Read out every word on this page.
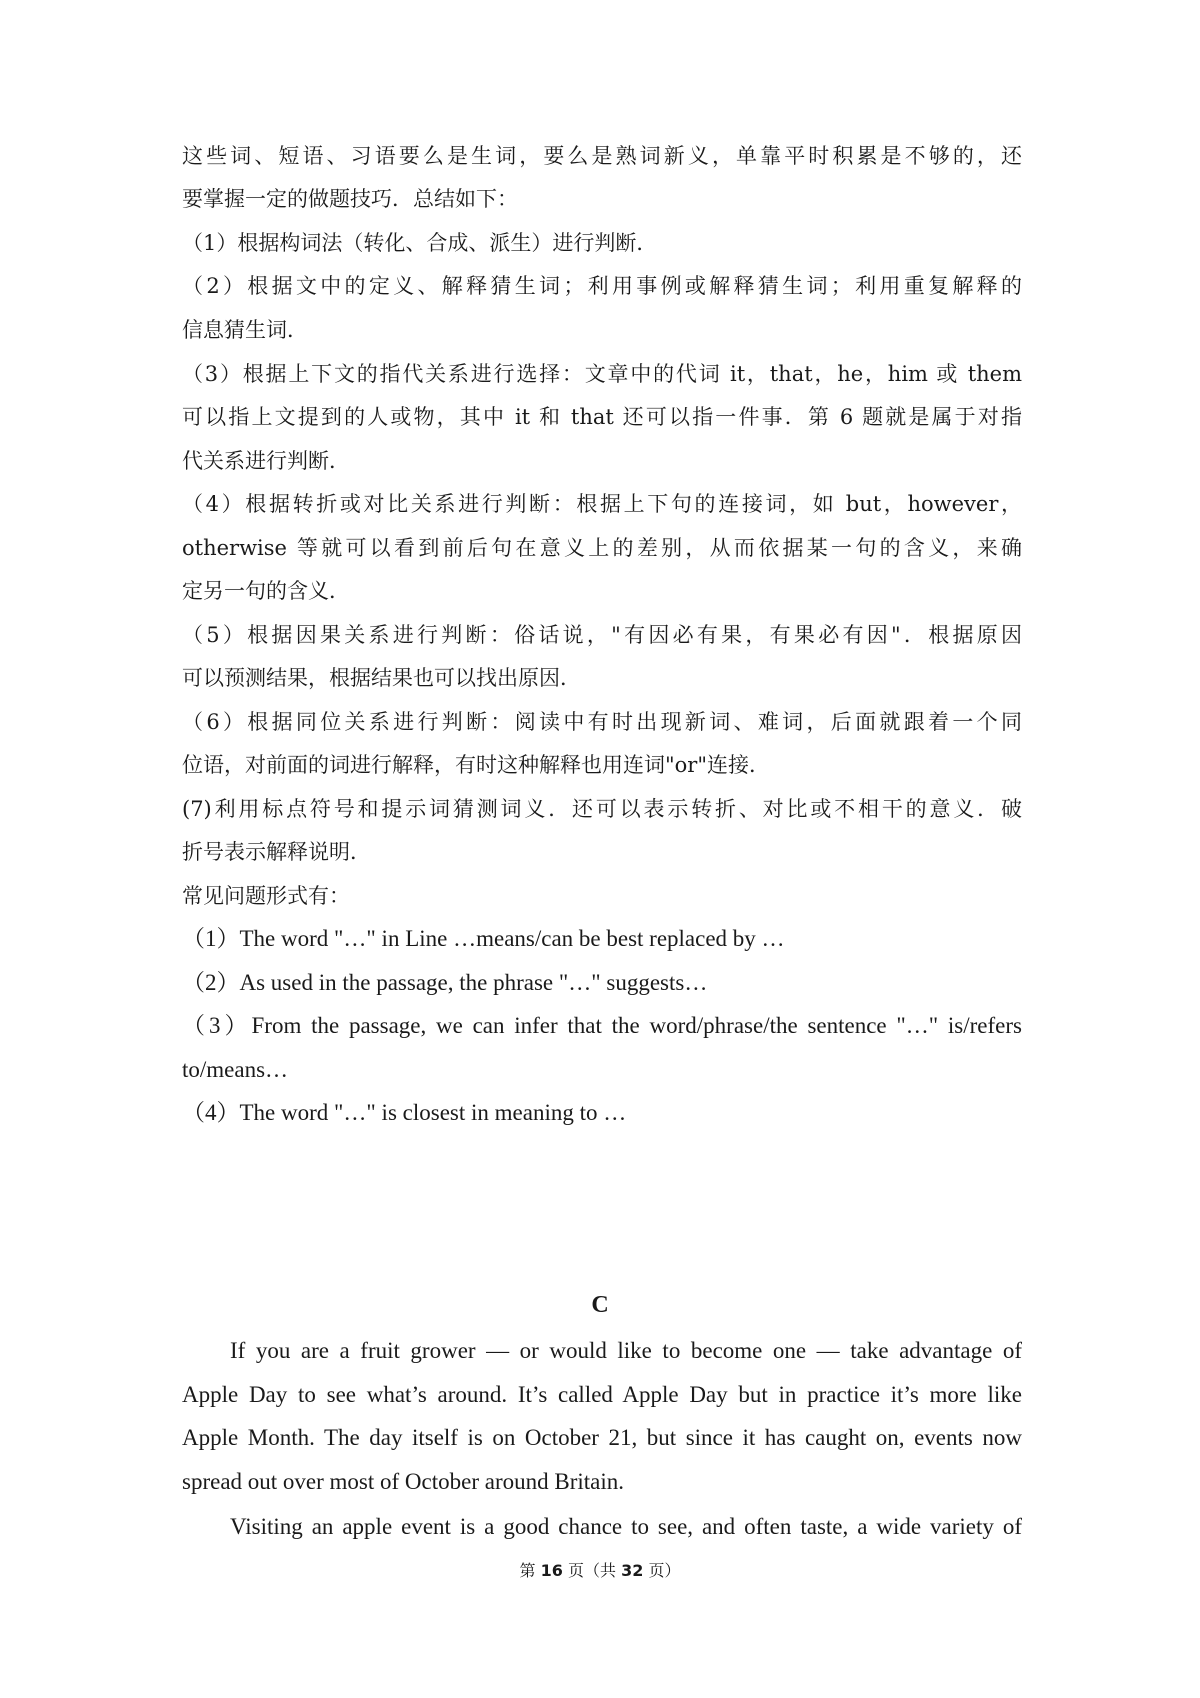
这些词、短语、习语要么是生词，要么是熟词新义，单靠平时积累是不够的，还
要掌握一定的做题技巧．总结如下：
（1）根据构词法（转化、合成、派生）进行判断．
（2）根据文中的定义、解释猜生词；利用事例或解释猜生词；利用重复解释的
信息猜生词．
（3）根据上下文的指代关系进行选择：文章中的代词 it，that，he，him 或 them
可以指上文提到的人或物，其中 it 和 that 还可以指一件事．第 6 题就是属于对指
代关系进行判断．
（4）根据转折或对比关系进行判断：根据上下句的连接词，如 but，however，
otherwise 等就可以看到前后句在意义上的差别，从而依据某一句的含义，来确
定另一句的含义．
（5）根据因果关系进行判断：俗话说，"有因必有果，有果必有因"．根据原因
可以预测结果，根据结果也可以找出原因．
（6）根据同位关系进行判断：阅读中有时出现新词、难词，后面就跟着一个同
位语，对前面的词进行解释，有时这种解释也用连词"or"连接．
(7)利用标点符号和提示词猜测词义．还可以表示转折、对比或不相干的意义．破
折号表示解释说明．
常见问题形式有：
（1）The word "…" in Line …means/can be best replaced by …
（2）As used in the passage, the phrase "…" suggests…
（3）From the passage, we can infer that the word/phrase/the sentence "…" is/refers
to/means…
（4）The word "…" is closest in meaning to …
C
If you are a fruit grower — or would like to become one — take advantage of
Apple Day to see what’s around. It’s called Apple Day but in practice it’s more like
Apple Month. The day itself is on October 21, but since it has caught on, events now
spread out over most of October around Britain.
Visiting an apple event is a good chance to see, and often taste, a wide variety of
第 16 页（共 32 页）
